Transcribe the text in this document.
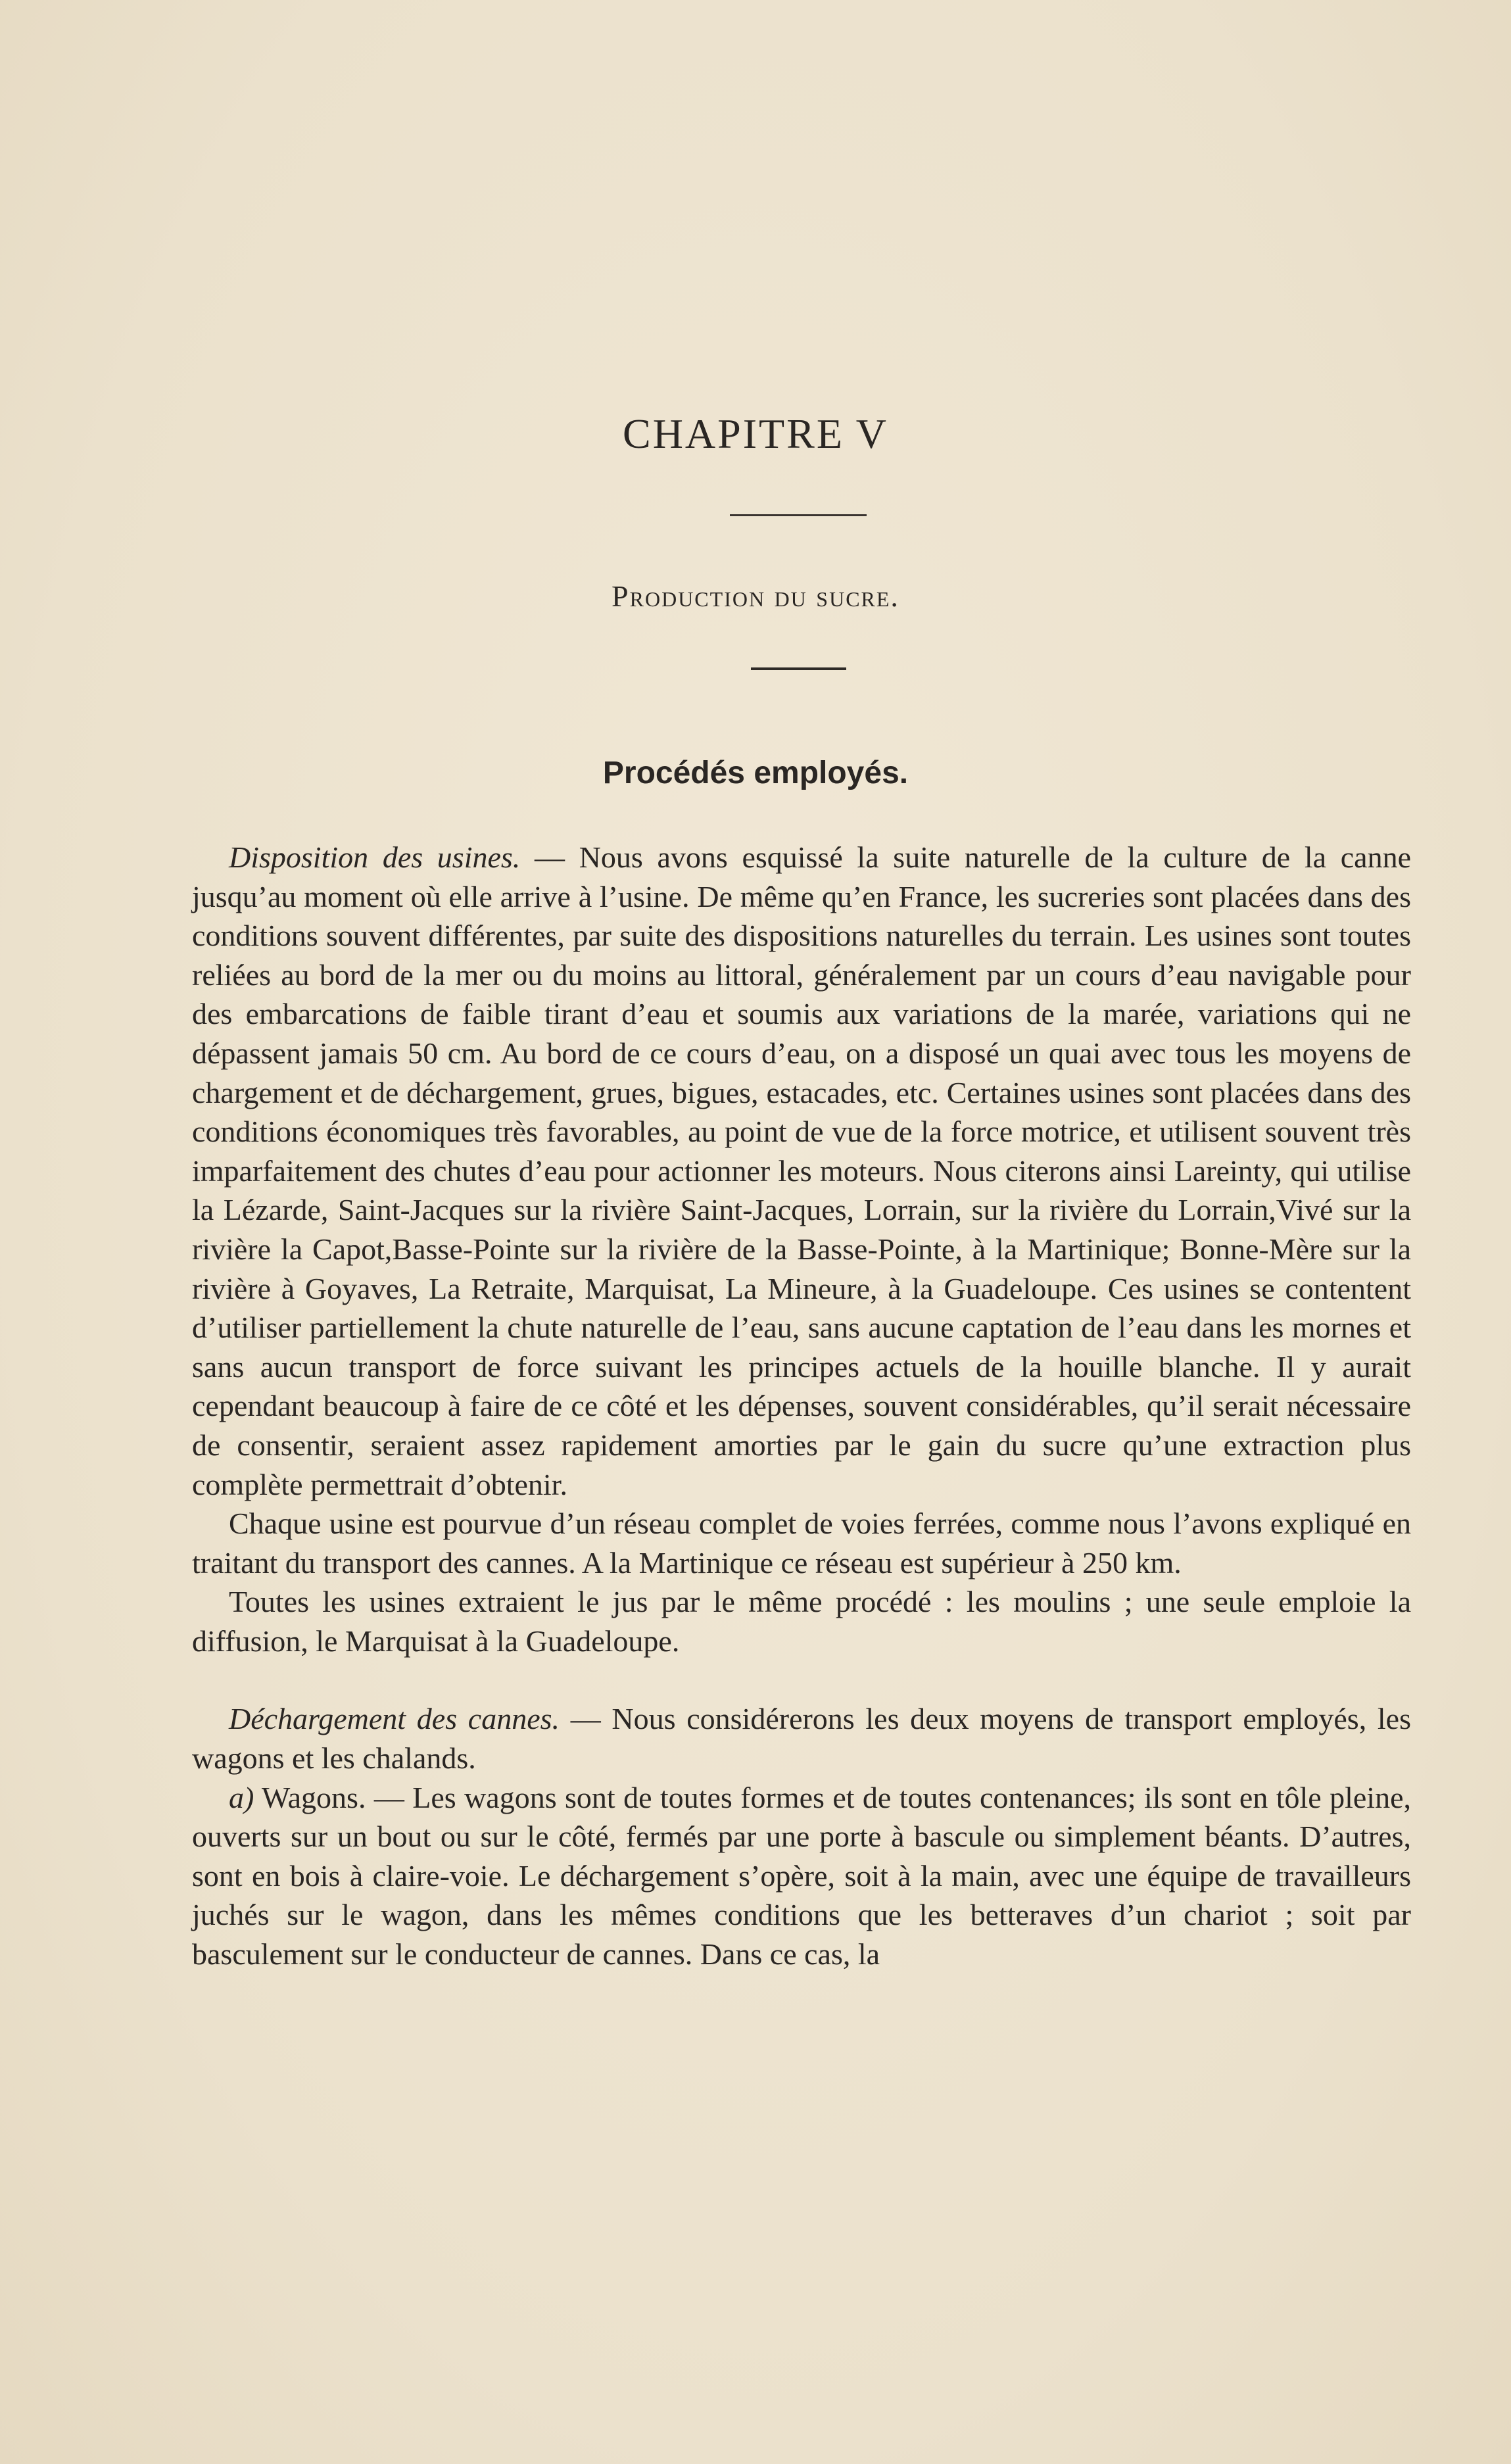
CHAPITRE V
Production du sucre.
Procédés employés.

Disposition des usines. — Nous avons esquissé la suite naturelle de la culture de la canne jusqu’au moment où elle arrive à l’usine. De même qu’en France, les sucreries sont placées dans des conditions souvent différentes, par suite des dispositions naturelles du terrain. Les usines sont toutes reliées au bord de la mer ou du moins au littoral, généralement par un cours d’eau navigable pour des embarcations de faible tirant d’eau et soumis aux variations de la marée, variations qui ne dépassent jamais 50 cm. Au bord de ce cours d’eau, on a disposé un quai avec tous les moyens de chargement et de déchargement, grues, bigues, estacades, etc. Certaines usines sont placées dans des conditions économiques très favorables, au point de vue de la force motrice, et utilisent souvent très imparfaitement des chutes d’eau pour actionner les moteurs. Nous citerons ainsi Lareinty, qui utilise la Lézarde, Saint-Jacques sur la rivière Saint-Jacques, Lorrain, sur la rivière du Lorrain,Vivé sur la rivière la Capot,Basse-Pointe sur la rivière de la Basse-Pointe, à la Martinique; Bonne-Mère sur la rivière à Goyaves, La Retraite, Marquisat, La Mineure, à la Guadeloupe. Ces usines se contentent d’utiliser partiellement la chute naturelle de l’eau, sans aucune captation de l’eau dans les mornes et sans aucun transport de force suivant les principes actuels de la houille blanche. Il y aurait cependant beaucoup à faire de ce côté et les dépenses, souvent considérables, qu’il serait nécessaire de consentir, seraient assez rapidement amorties par le gain du sucre qu’une extraction plus complète permettrait d’obtenir.

Chaque usine est pourvue d’un réseau complet de voies ferrées, comme nous l’avons expliqué en traitant du transport des cannes. A la Martinique ce réseau est supérieur à 250 km.

Toutes les usines extraient le jus par le même procédé : les moulins ; une seule emploie la diffusion, le Marquisat à la Guadeloupe.

Déchargement des cannes. — Nous considérerons les deux moyens de transport employés, les wagons et les chalands.

a) Wagons. — Les wagons sont de toutes formes et de toutes contenances; ils sont en tôle pleine, ouverts sur un bout ou sur le côté, fermés par une porte à bascule ou simplement béants. D’autres, sont en bois à claire-voie. Le déchargement s’opère, soit à la main, avec une équipe de travailleurs juchés sur le wagon, dans les mêmes conditions que les betteraves d’un chariot ; soit par basculement sur le conducteur de cannes. Dans ce cas, la
